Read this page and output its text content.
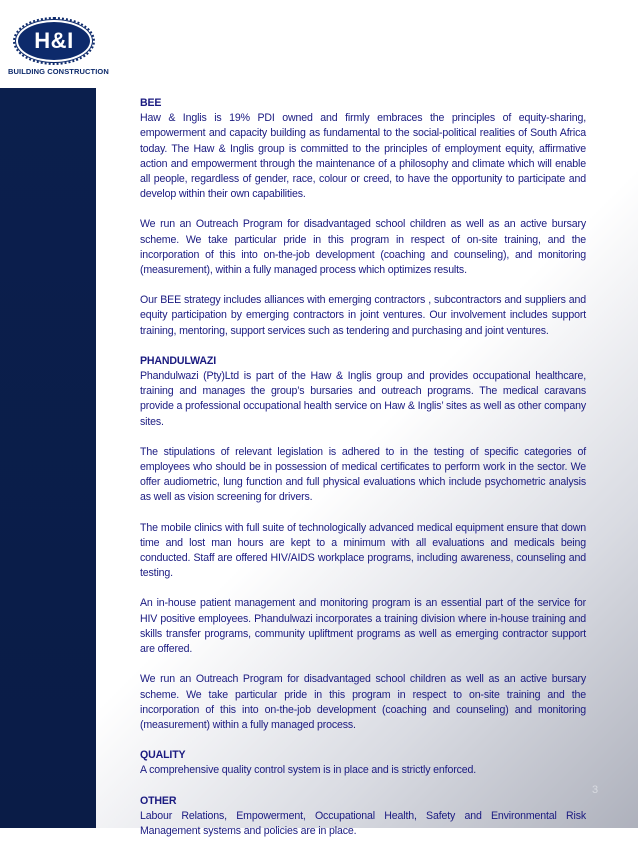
H&I
BUILDING CONSTRUCTION

BEE
Haw & Inglis is 19% PDI owned and firmly embraces the principles of equity-sharing, empowerment and capacity building as fundamental to the social-political realities of South Africa today. The Haw & Inglis group is committed to the principles of employment equity, affirmative action and empowerment through the maintenance of a philosophy and climate which will enable all people, regardless of gender, race, colour or creed, to have the opportunity to participate and develop within their own capabilities.

We run an Outreach Program for disadvantaged school children as well as an active bursary scheme. We take particular pride in this program in respect of on-site training, and the incorporation of this into on-the-job development (coaching and counseling), and monitoring (measurement), within a fully managed process which optimizes results.

Our BEE strategy includes alliances with emerging contractors , subcontractors and suppliers and equity participation by emerging contractors in joint ventures. Our involvement includes support training, mentoring, support services such as tendering and purchasing and joint ventures.

PHANDULWAZI
Phandulwazi (Pty)Ltd is part of the Haw & Inglis group and provides occupational healthcare, training and manages the group’s bursaries and outreach programs. The medical caravans provide a professional occupational health service on Haw & Inglis’ sites as well as other company sites.

The stipulations of relevant legislation is adhered to in the testing of specific categories of employees who should be in possession of medical certificates to perform work in the sector. We offer audiometric, lung function and full physical evaluations which include psychometric analysis as well as vision screening for drivers.

The mobile clinics with full suite of technologically advanced medical equipment ensure that down time and lost man hours are kept to a minimum with all evaluations and medicals being conducted. Staff are offered HIV/AIDS workplace programs, including awareness, counseling and testing.

An in-house patient management and monitoring program is an essential part of the service for HIV positive employees. Phandulwazi incorporates a training division where in-house training and skills transfer programs, community upliftment programs as well as emerging contractor support are offered.

We run an Outreach Program for disadvantaged school children as well as an active bursary scheme. We take particular pride in this program in respect to on-site training and the incorporation of this into on-the-job development (coaching and counseling) and monitoring (measurement) within a fully managed process.

QUALITY
A comprehensive quality control system is in place and is strictly enforced.

OTHER
Labour Relations, Empowerment, Occupational Health, Safety and Environmental Risk Management systems and policies are in place.

3
